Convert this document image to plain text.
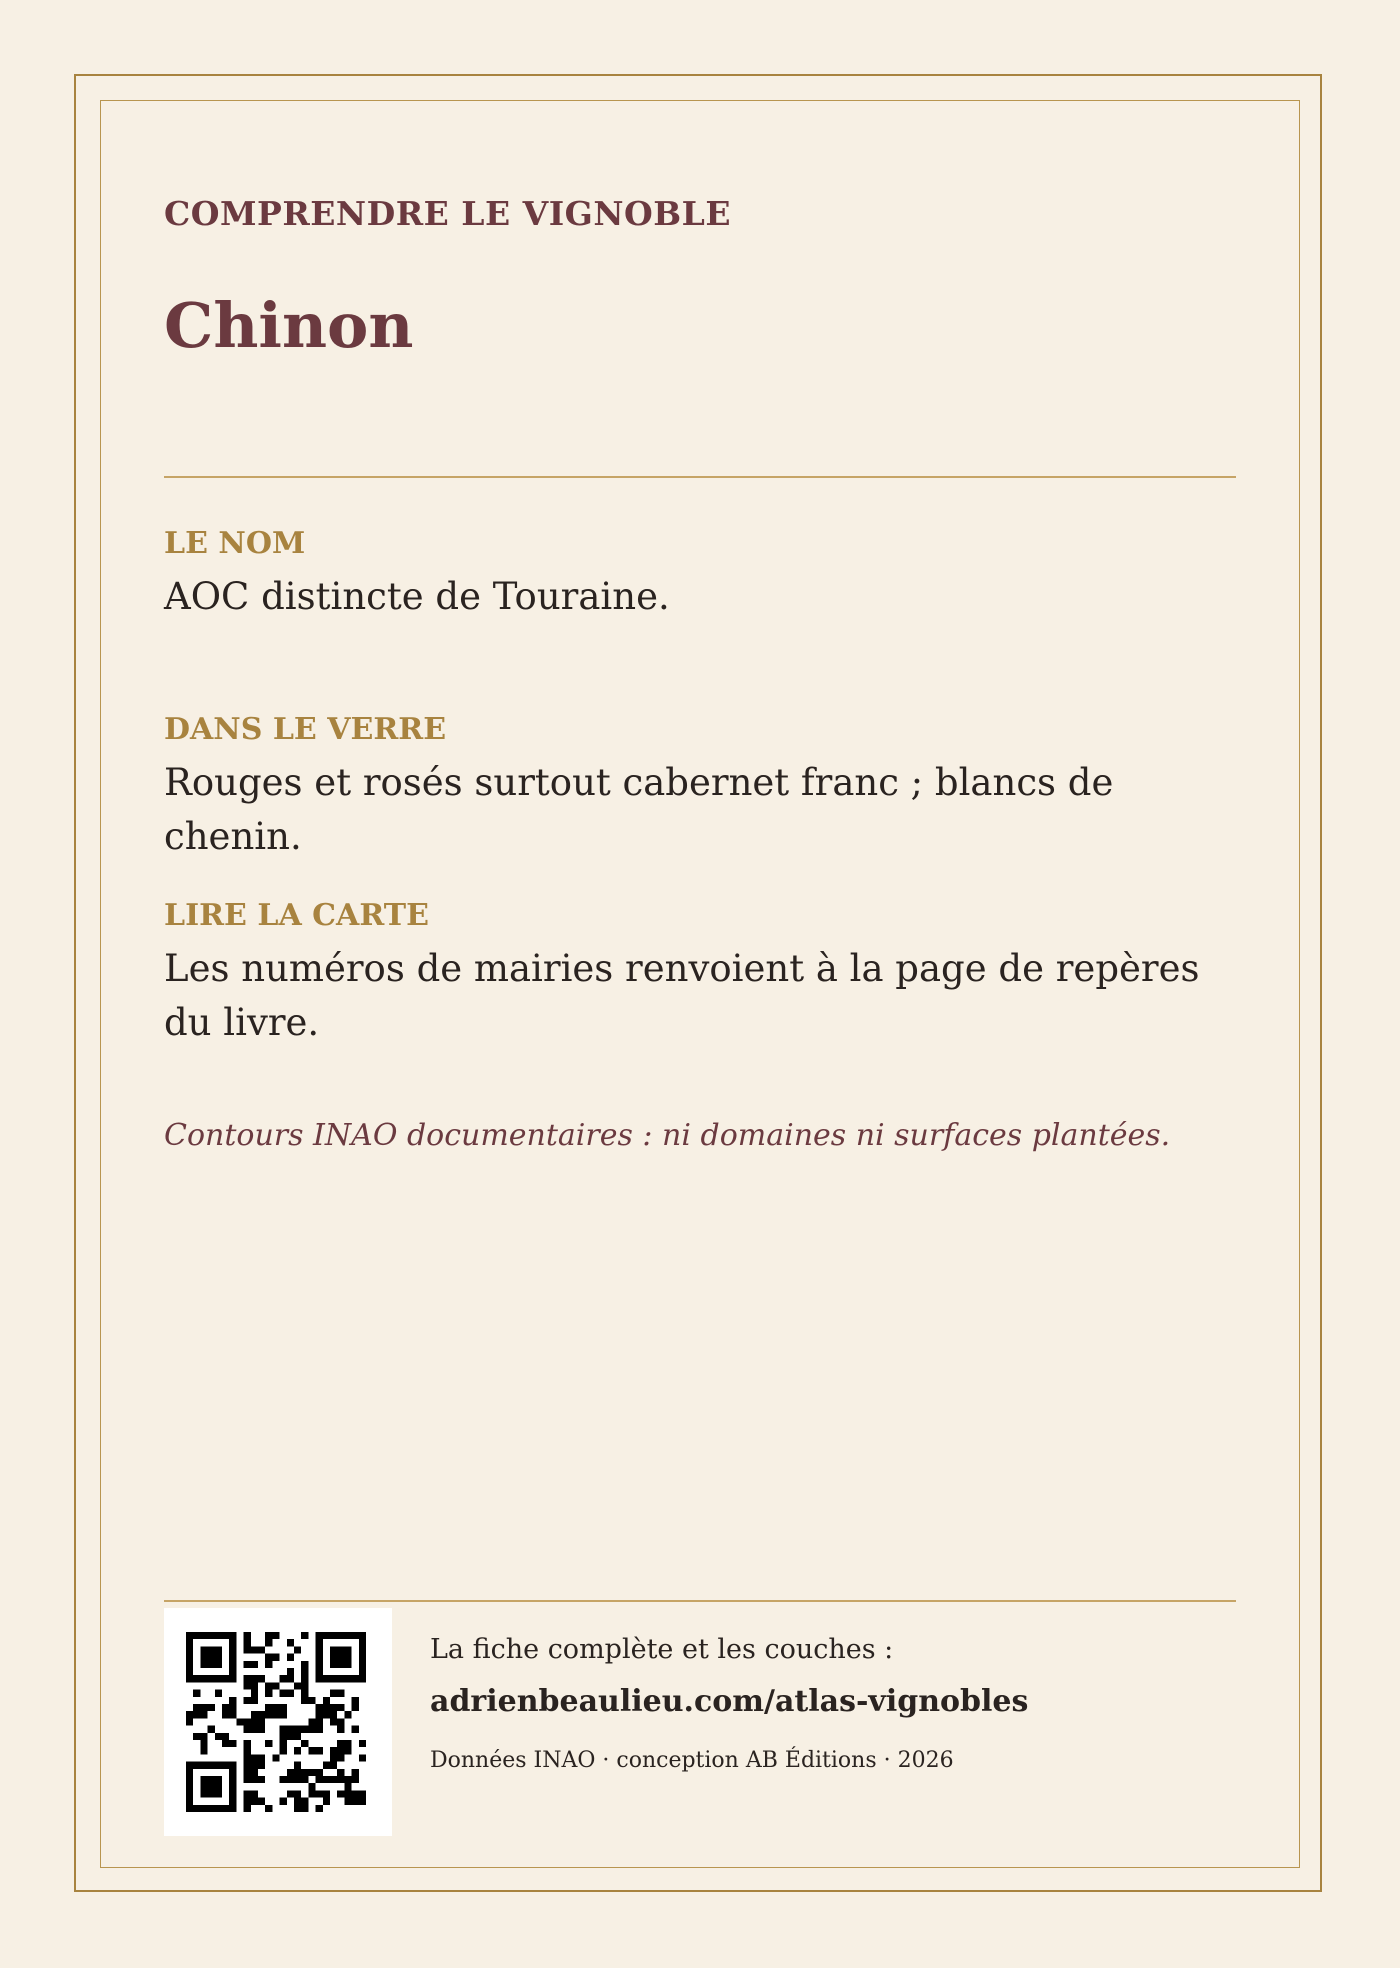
COMPRENDRE LE VIGNOBLE

Chinon

LE NOM

AOC distincte de Touraine.

DANS LE VERRE

Rouges et rosés surtout cabernet franc ; blancs de chenin.

LIRE LA CARTE

Les numéros de mairies renvoient à la page de repères du livre.

Contours INAO documentaires : ni domaines ni surfaces plantées.

La fiche complète et les couches :

adrienbeaulieu.com/atlas-vignobles

Données INAO · conception AB Éditions · 2026
